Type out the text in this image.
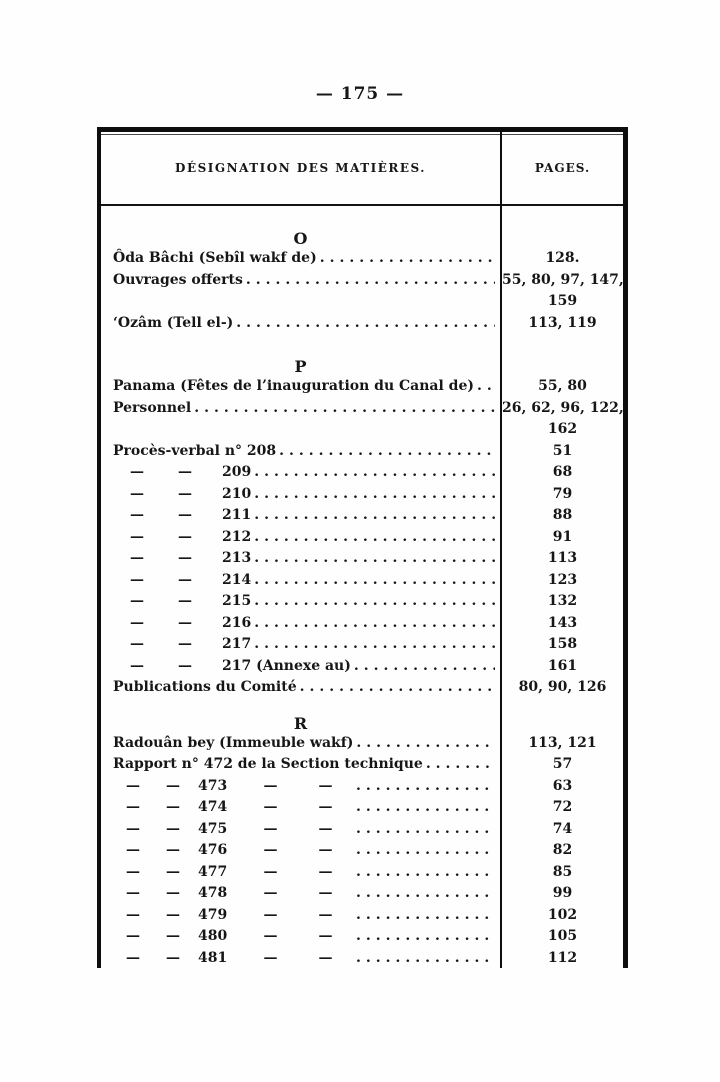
— 175 —
DÉSIGNATION DES MATIÈRES.	PAGES.
O
Ôda Bâchi (Sebîl wakf de) .....	128.
Ouvrages offerts .....	55, 80, 97, 147,
159
‘Ozâm (Tell el-) .....	113, 119
P
Panama (Fêtes de l’inauguration du Canal de) .....	55, 80
Personnel .....	26, 62, 96, 122,
162
Procès-verbal n° 208 .....	51
—	—	209 .....	68
—	—	210 .....	79
—	—	211 .....	88
—	—	212 .....	91
—	—	213 .....	113
—	—	214 .....	123
—	—	215 .....	132
—	—	216 .....	143
—	—	217 .....	158
—	—	217 (Annexe au) .....	161
Publications du Comité .....	80, 90, 126
R
Radouân bey (Immeuble wakf) .....	113, 121
Rapport n° 472 de la Section technique .....	57
—	—	473	—	— .....	63
—	—	474	—	— .....	72
—	—	475	—	— .....	74
—	—	476	—	— .....	82
—	—	477	—	— .....	85
—	—	478	—	— .....	99
—	—	479	—	— .....	102
—	—	480	—	— .....	105
—	—	481	—	— .....	112
